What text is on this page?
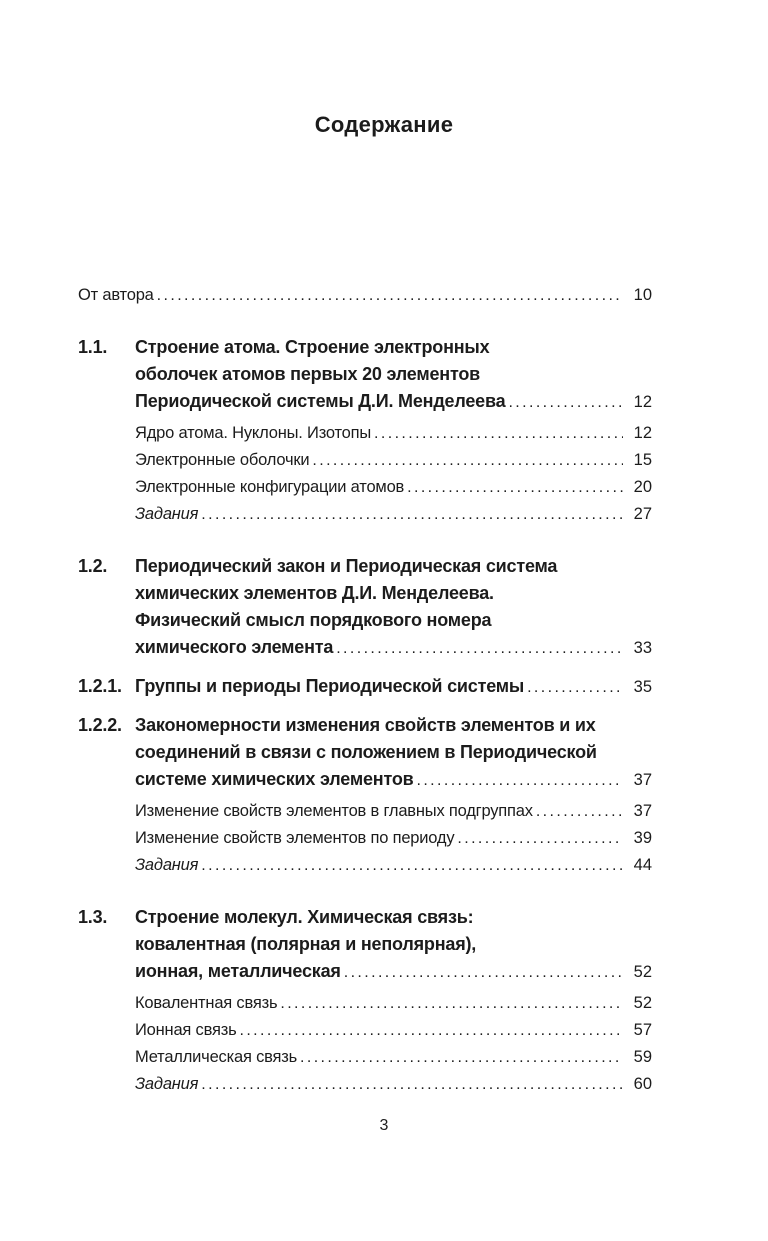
Содержание
От автора .....	10
1.1.	Строение атома. Строение электронных
оболочек атомов первых 20 элементов
Периодической системы Д.И. Менделеева .....	12
Ядро атома. Нуклоны. Изотопы .....	12
Электронные оболочки .....	15
Электронные конфигурации атомов .....	20
Задания .....	27
1.2.	Периодический закон и Периодическая система
химических элементов Д.И. Менделеева.
Физический смысл порядкового номера
химического элемента .....	33
1.2.1. Группы и периоды Периодической системы .....	35
1.2.2. Закономерности изменения свойств элементов и их
соединений в связи с положением в Периодической
системе химических элементов .....	37
Изменение свойств элементов в главных подгруппах .....	37
Изменение свойств элементов по периоду .....	39
Задания .....	44
1.3.	Строение молекул. Химическая связь:
ковалентная (полярная и неполярная),
ионная, металлическая .....	52
Ковалентная связь .....	52
Ионная связь .....	57
Металлическая связь .....	59
Задания .....	60
3
